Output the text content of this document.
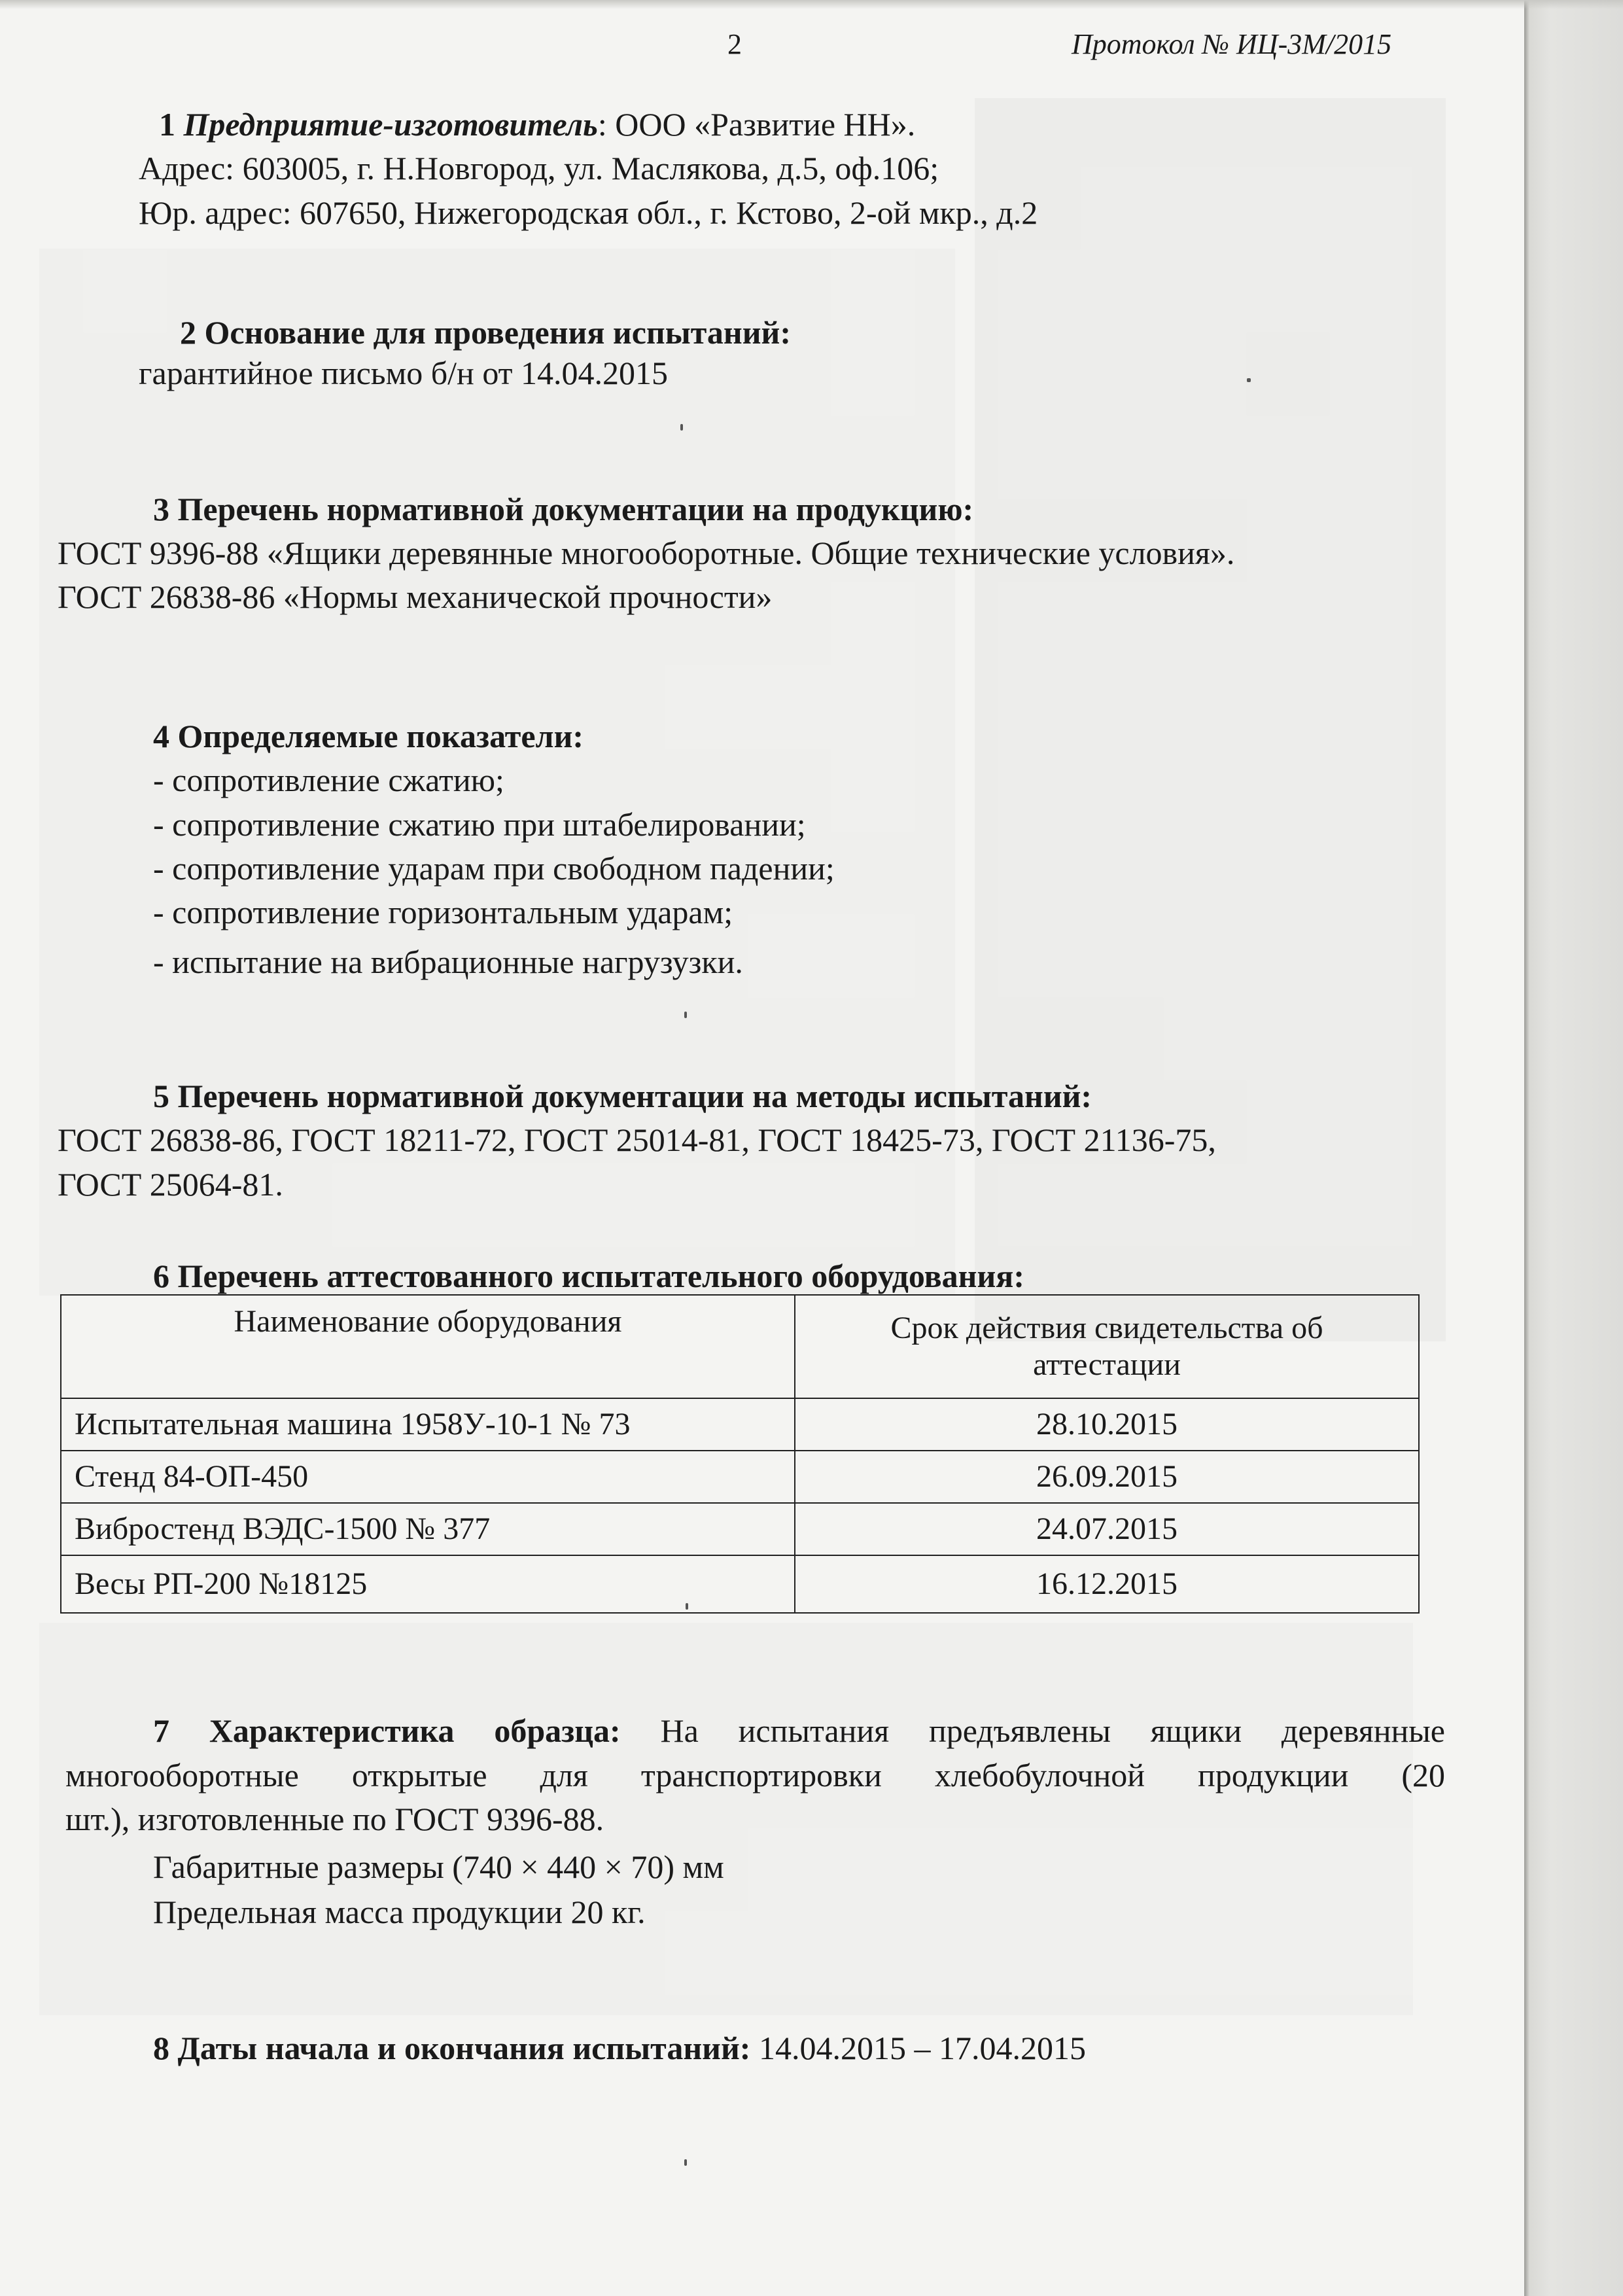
2	Протокол № ИЦ-3М/2015
1 Предприятие-изготовитель: ООО «Развитие НН».
Адрес: 603005, г. Н.Новгород, ул. Маслякова, д.5, оф.106;
Юр. адрес: 607650, Нижегородская обл., г. Кстово, 2-ой мкр., д.2
2 Основание для проведения испытаний:
гарантийное письмо б/н от 14.04.2015
3 Перечень нормативной документации на продукцию:
ГОСТ 9396-88 «Ящики деревянные многооборотные. Общие технические условия».
ГОСТ 26838-86 «Нормы механической прочности»
4 Определяемые показатели:
- сопротивление сжатию;
- сопротивление сжатию при штабелировании;
- сопротивление ударам при свободном падении;
- сопротивление горизонтальным ударам;
- испытание на вибрационные нагрузузки.
5 Перечень нормативной документации на методы испытаний:
ГОСТ 26838-86, ГОСТ 18211-72, ГОСТ 25014-81, ГОСТ 18425-73, ГОСТ 21136-75,
ГОСТ 25064-81.
6 Перечень аттестованного испытательного оборудования:
Наименование оборудования	Срок действия свидетельства об аттестации
Испытательная машина 1958У-10-1 № 73	28.10.2015
Стенд 84-ОП-450	26.09.2015
Вибростенд ВЭДС-1500 № 377	24.07.2015
Весы РП-200 №18125	16.12.2015
7 Характеристика образца: На испытания предъявлены ящики деревянные
многооборотные открытые для транспортировки хлебобулочной продукции (20
шт.), изготовленные по ГОСТ 9396-88.
Габаритные размеры (740 × 440 × 70) мм
Предельная масса продукции 20 кг.
8 Даты начала и окончания испытаний: 14.04.2015 – 17.04.2015
